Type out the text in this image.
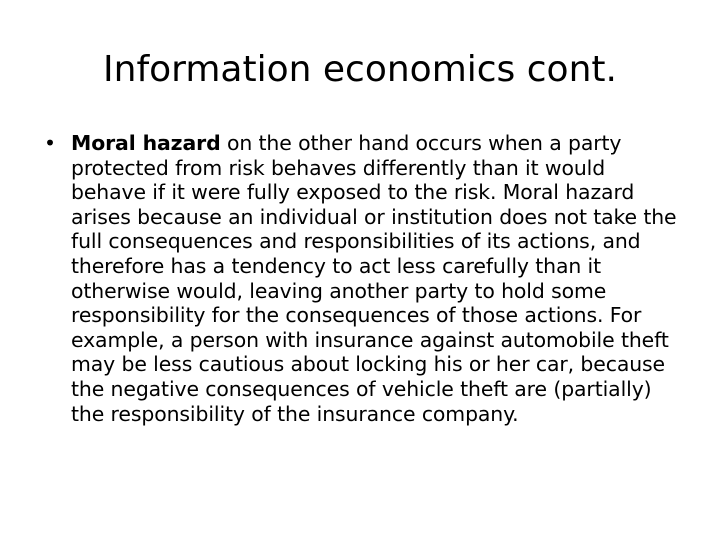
Information economics cont.
• Moral hazard on the other hand occurs when a party protected from risk behaves differently than it would behave if it were fully exposed to the risk. Moral hazard arises because an individual or institution does not take the full consequences and responsibilities of its actions, and therefore has a tendency to act less carefully than it otherwise would, leaving another party to hold some responsibility for the consequences of those actions. For example, a person with insurance against automobile theft may be less cautious about locking his or her car, because the negative consequences of vehicle theft are (partially) the responsibility of the insurance company.
